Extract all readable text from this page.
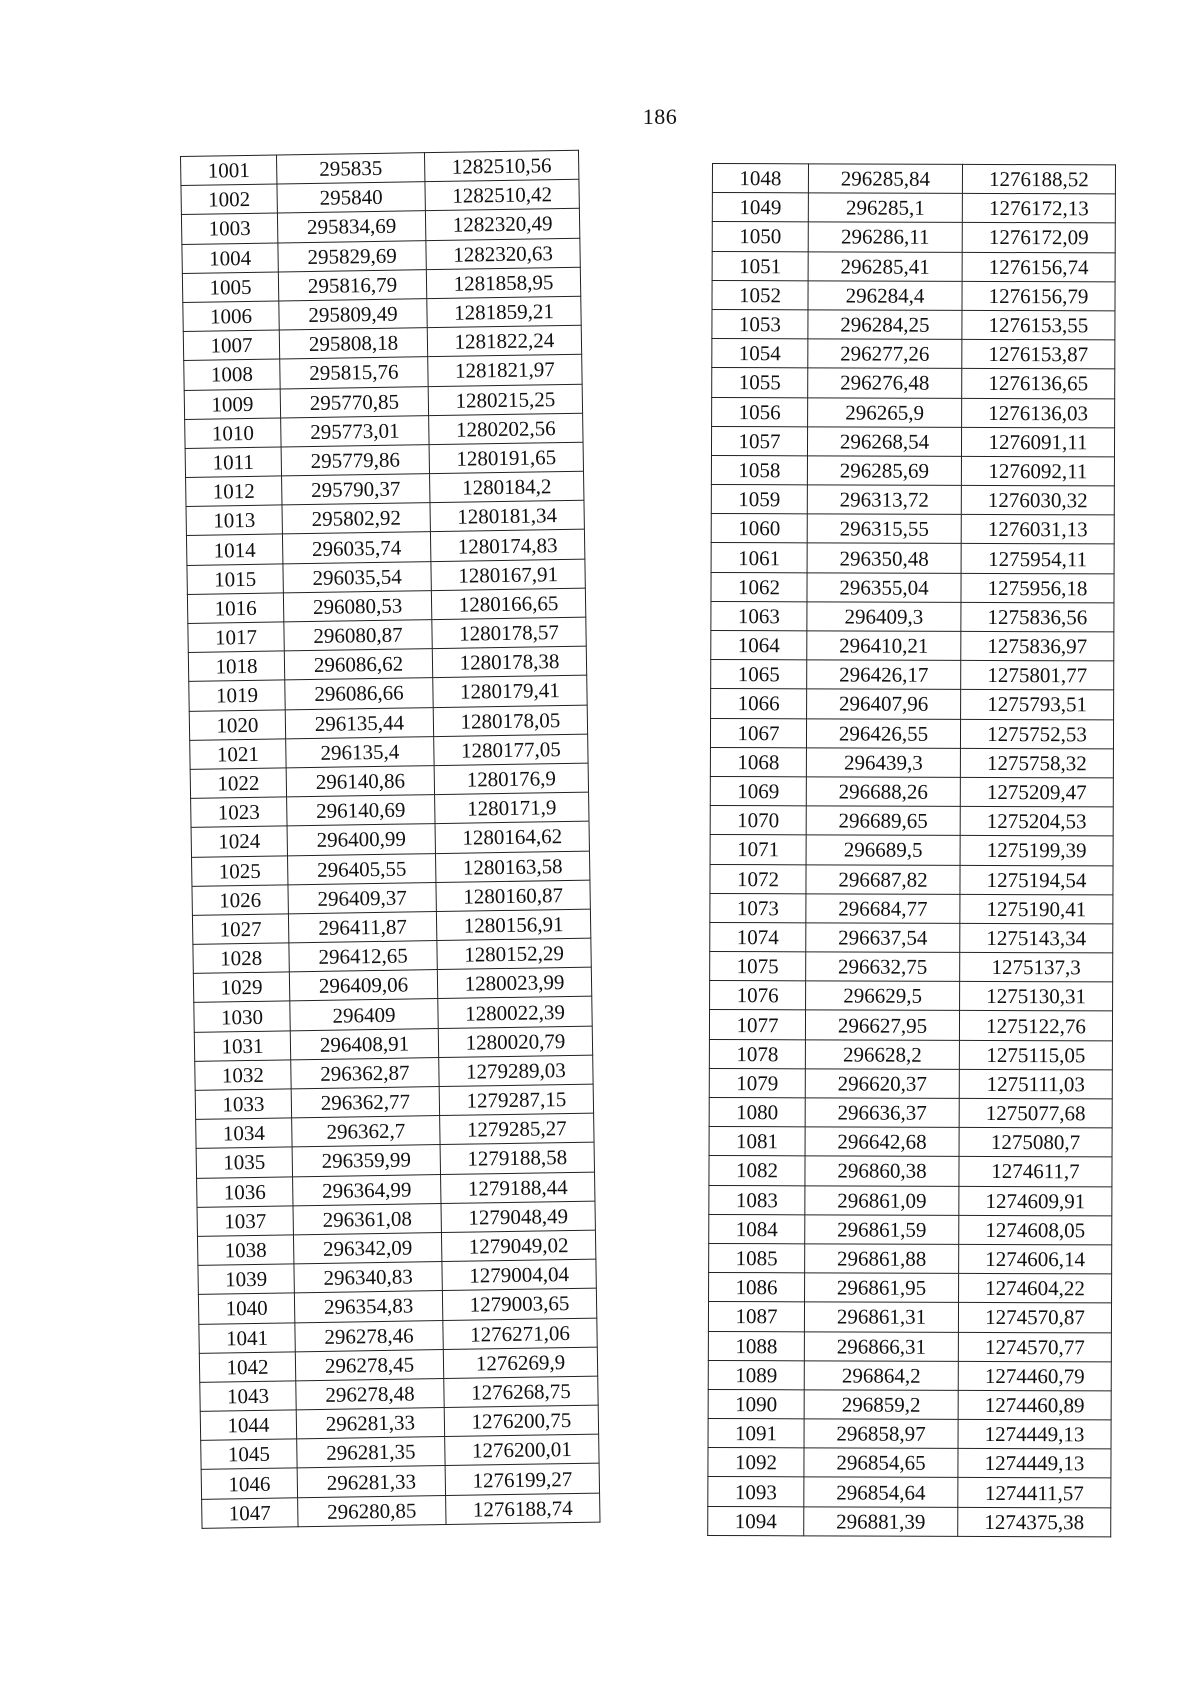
186
1001	295835	1282510,56
1002	295840	1282510,42
1003	295834,69	1282320,49
1004	295829,69	1282320,63
1005	295816,79	1281858,95
1006	295809,49	1281859,21
1007	295808,18	1281822,24
1008	295815,76	1281821,97
1009	295770,85	1280215,25
1010	295773,01	1280202,56
1011	295779,86	1280191,65
1012	295790,37	1280184,2
1013	295802,92	1280181,34
1014	296035,74	1280174,83
1015	296035,54	1280167,91
1016	296080,53	1280166,65
1017	296080,87	1280178,57
1018	296086,62	1280178,38
1019	296086,66	1280179,41
1020	296135,44	1280178,05
1021	296135,4	1280177,05
1022	296140,86	1280176,9
1023	296140,69	1280171,9
1024	296400,99	1280164,62
1025	296405,55	1280163,58
1026	296409,37	1280160,87
1027	296411,87	1280156,91
1028	296412,65	1280152,29
1029	296409,06	1280023,99
1030	296409	1280022,39
1031	296408,91	1280020,79
1032	296362,87	1279289,03
1033	296362,77	1279287,15
1034	296362,7	1279285,27
1035	296359,99	1279188,58
1036	296364,99	1279188,44
1037	296361,08	1279048,49
1038	296342,09	1279049,02
1039	296340,83	1279004,04
1040	296354,83	1279003,65
1041	296278,46	1276271,06
1042	296278,45	1276269,9
1043	296278,48	1276268,75
1044	296281,33	1276200,75
1045	296281,35	1276200,01
1046	296281,33	1276199,27
1047	296280,85	1276188,74
1048	296285,84	1276188,52
1049	296285,1	1276172,13
1050	296286,11	1276172,09
1051	296285,41	1276156,74
1052	296284,4	1276156,79
1053	296284,25	1276153,55
1054	296277,26	1276153,87
1055	296276,48	1276136,65
1056	296265,9	1276136,03
1057	296268,54	1276091,11
1058	296285,69	1276092,11
1059	296313,72	1276030,32
1060	296315,55	1276031,13
1061	296350,48	1275954,11
1062	296355,04	1275956,18
1063	296409,3	1275836,56
1064	296410,21	1275836,97
1065	296426,17	1275801,77
1066	296407,96	1275793,51
1067	296426,55	1275752,53
1068	296439,3	1275758,32
1069	296688,26	1275209,47
1070	296689,65	1275204,53
1071	296689,5	1275199,39
1072	296687,82	1275194,54
1073	296684,77	1275190,41
1074	296637,54	1275143,34
1075	296632,75	1275137,3
1076	296629,5	1275130,31
1077	296627,95	1275122,76
1078	296628,2	1275115,05
1079	296620,37	1275111,03
1080	296636,37	1275077,68
1081	296642,68	1275080,7
1082	296860,38	1274611,7
1083	296861,09	1274609,91
1084	296861,59	1274608,05
1085	296861,88	1274606,14
1086	296861,95	1274604,22
1087	296861,31	1274570,87
1088	296866,31	1274570,77
1089	296864,2	1274460,79
1090	296859,2	1274460,89
1091	296858,97	1274449,13
1092	296854,65	1274449,13
1093	296854,64	1274411,57
1094	296881,39	1274375,38
